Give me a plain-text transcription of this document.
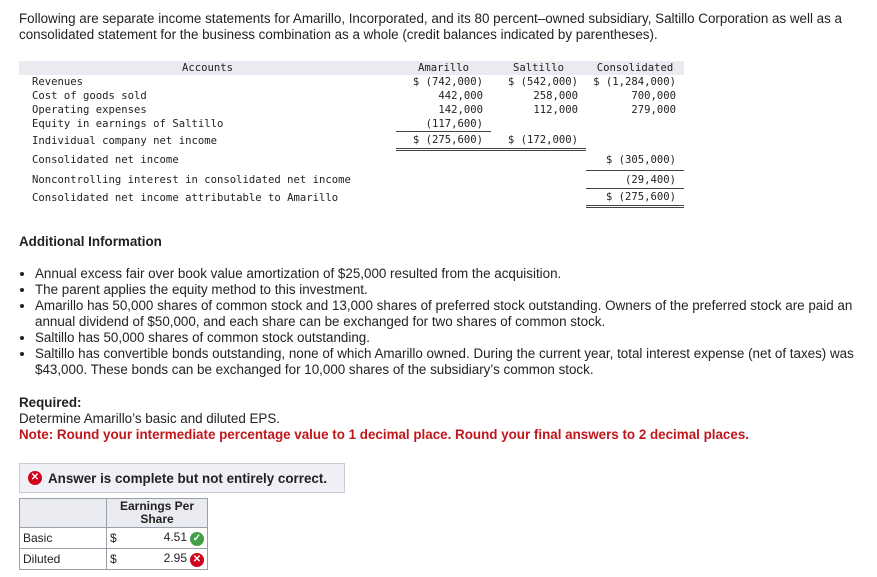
Following are separate income statements for Amarillo, Incorporated, and its 80 percent–owned subsidiary, Saltillo Corporation as well as a consolidated statement for the business combination as a whole (credit balances indicated by parentheses).
Accounts	Amarillo	Saltillo	Consolidated
Revenues	$ (742,000)	$ (542,000)	$ (1,284,000)
Cost of goods sold	442,000	258,000	700,000
Operating expenses	142,000	112,000	279,000
Equity in earnings of Saltillo	(117,600)		
Individual company net income	$ (275,600)	$ (172,000)	
Consolidated net income			$ (305,000)
Noncontrolling interest in consolidated net income			(29,400)
Consolidated net income attributable to Amarillo			$ (275,600)
Additional Information
• Annual excess fair over book value amortization of $25,000 resulted from the acquisition.
• The parent applies the equity method to this investment.
• Amarillo has 50,000 shares of common stock and 13,000 shares of preferred stock outstanding. Owners of the preferred stock are paid an annual dividend of $50,000, and each share can be exchanged for two shares of common stock.
• Saltillo has 50,000 shares of common stock outstanding.
• Saltillo has convertible bonds outstanding, none of which Amarillo owned. During the current year, total interest expense (net of taxes) was $43,000. These bonds can be exchanged for 10,000 shares of the subsidiary’s common stock.
Required:
Determine Amarillo’s basic and diluted EPS.
Note: Round your intermediate percentage value to 1 decimal place. Round your final answers to 2 decimal places.
✕ Answer is complete but not entirely correct.
	Earnings Per Share	
Basic	$	4.51 ✓
Diluted	$	2.95 ✕
